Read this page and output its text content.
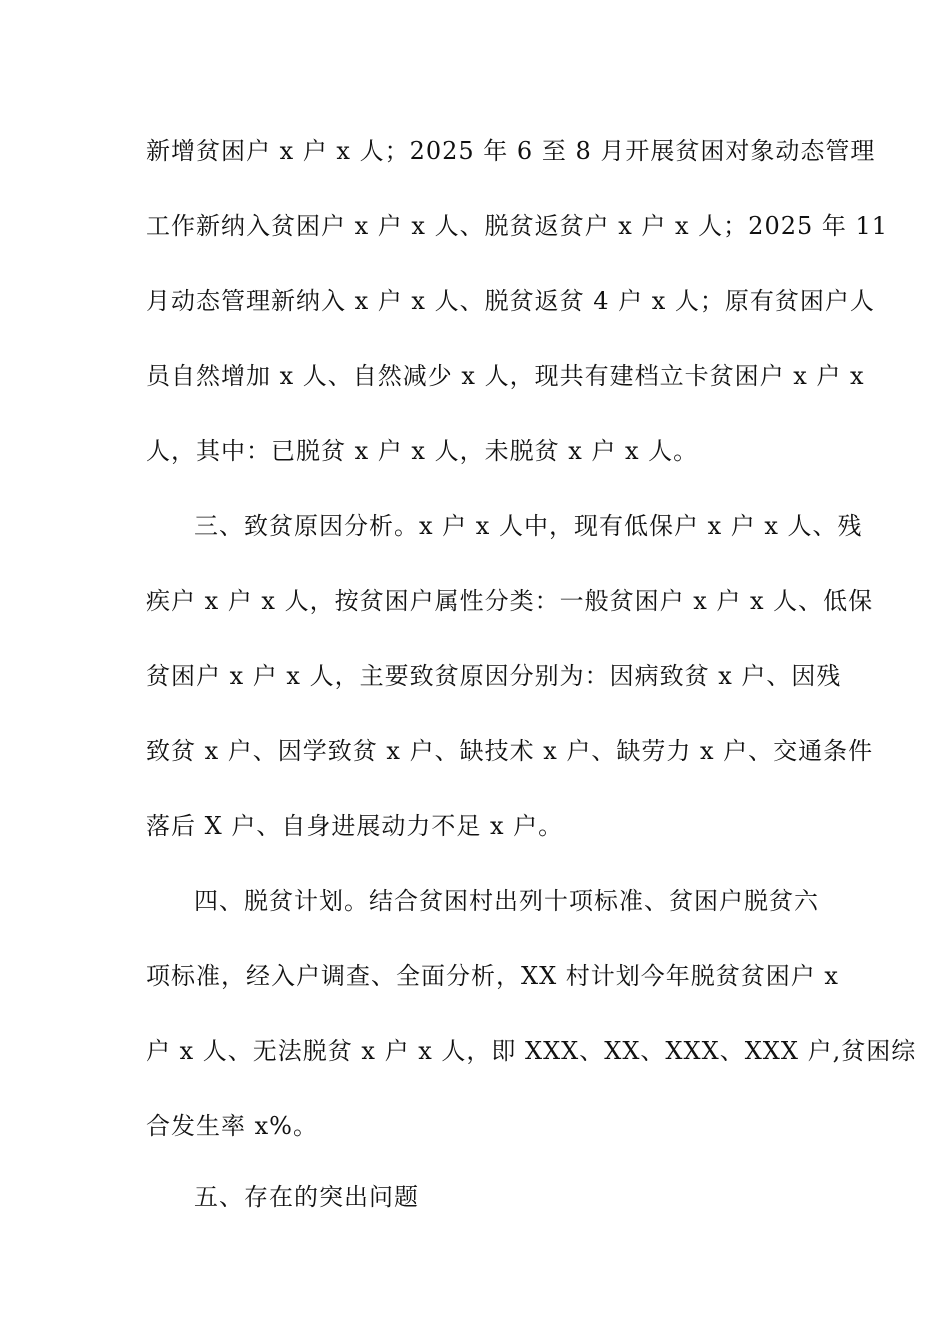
新增贫困户 x 户 x 人；2025 年 6 至 8 月开展贫困对象动态管理
工作新纳入贫困户 x 户 x 人、脱贫返贫户 x 户 x 人；2025 年 11
月动态管理新纳入 x 户 x 人、脱贫返贫 4 户 x 人；原有贫困户人
员自然增加 x 人、自然减少 x 人，现共有建档立卡贫困户 x 户 x
人，其中：已脱贫 x 户 x 人，未脱贫 x 户 x 人。
三、致贫原因分析。x 户 x 人中，现有低保户 x 户 x 人、残
疾户 x 户 x 人，按贫困户属性分类：一般贫困户 x 户 x 人、低保
贫困户 x 户 x 人，主要致贫原因分别为：因病致贫 x 户、因残
致贫 x 户、因学致贫 x 户、缺技术 x 户、缺劳力 x 户、交通条件
落后 X 户、自身进展动力不足 x 户。
四、脱贫计划。结合贫困村出列十项标准、贫困户脱贫六
项标准，经入户调查、全面分析，XX 村计划今年脱贫贫困户 x
户 x 人、无法脱贫 x 户 x 人，即 XXX、XX、XXX、XXX 户,贫困综
合发生率 x%。
五、存在的突出问题
